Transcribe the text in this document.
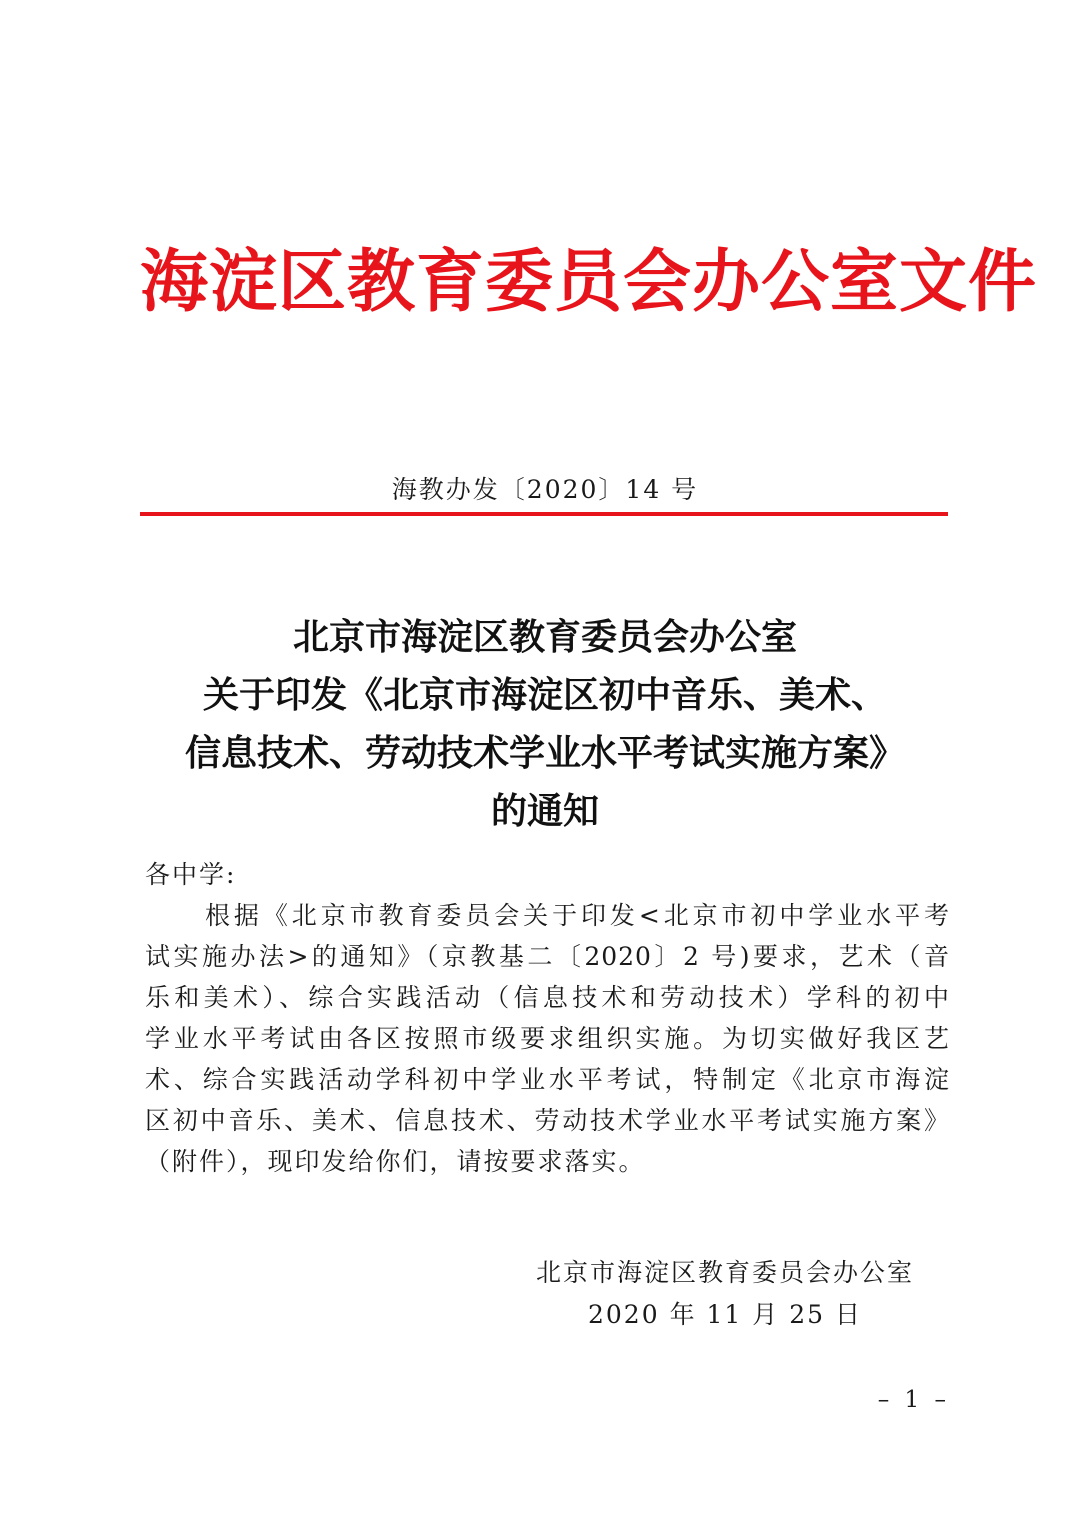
海淀区教育委员会办公室文件
海教办发〔2020〕14 号
北京市海淀区教育委员会办公室
关于印发《北京市海淀区初中音乐、美术、
信息技术、劳动技术学业水平考试实施方案》
的通知
各中学:
根据《北京市教育委员会关于印发<北京市初中学业水平考
试实施办法>的通知》（京教基二〔2020〕2 号)要求，艺术（音
乐和美术）、综合实践活动（信息技术和劳动技术）学科的初中
学业水平考试由各区按照市级要求组织实施。为切实做好我区艺
术、综合实践活动学科初中学业水平考试，特制定《北京市海淀
区初中音乐、美术、信息技术、劳动技术学业水平考试实施方案》
（附件），现印发给你们，请按要求落实。
北京市海淀区教育委员会办公室
2020 年 11 月 25 日
– 1 –
